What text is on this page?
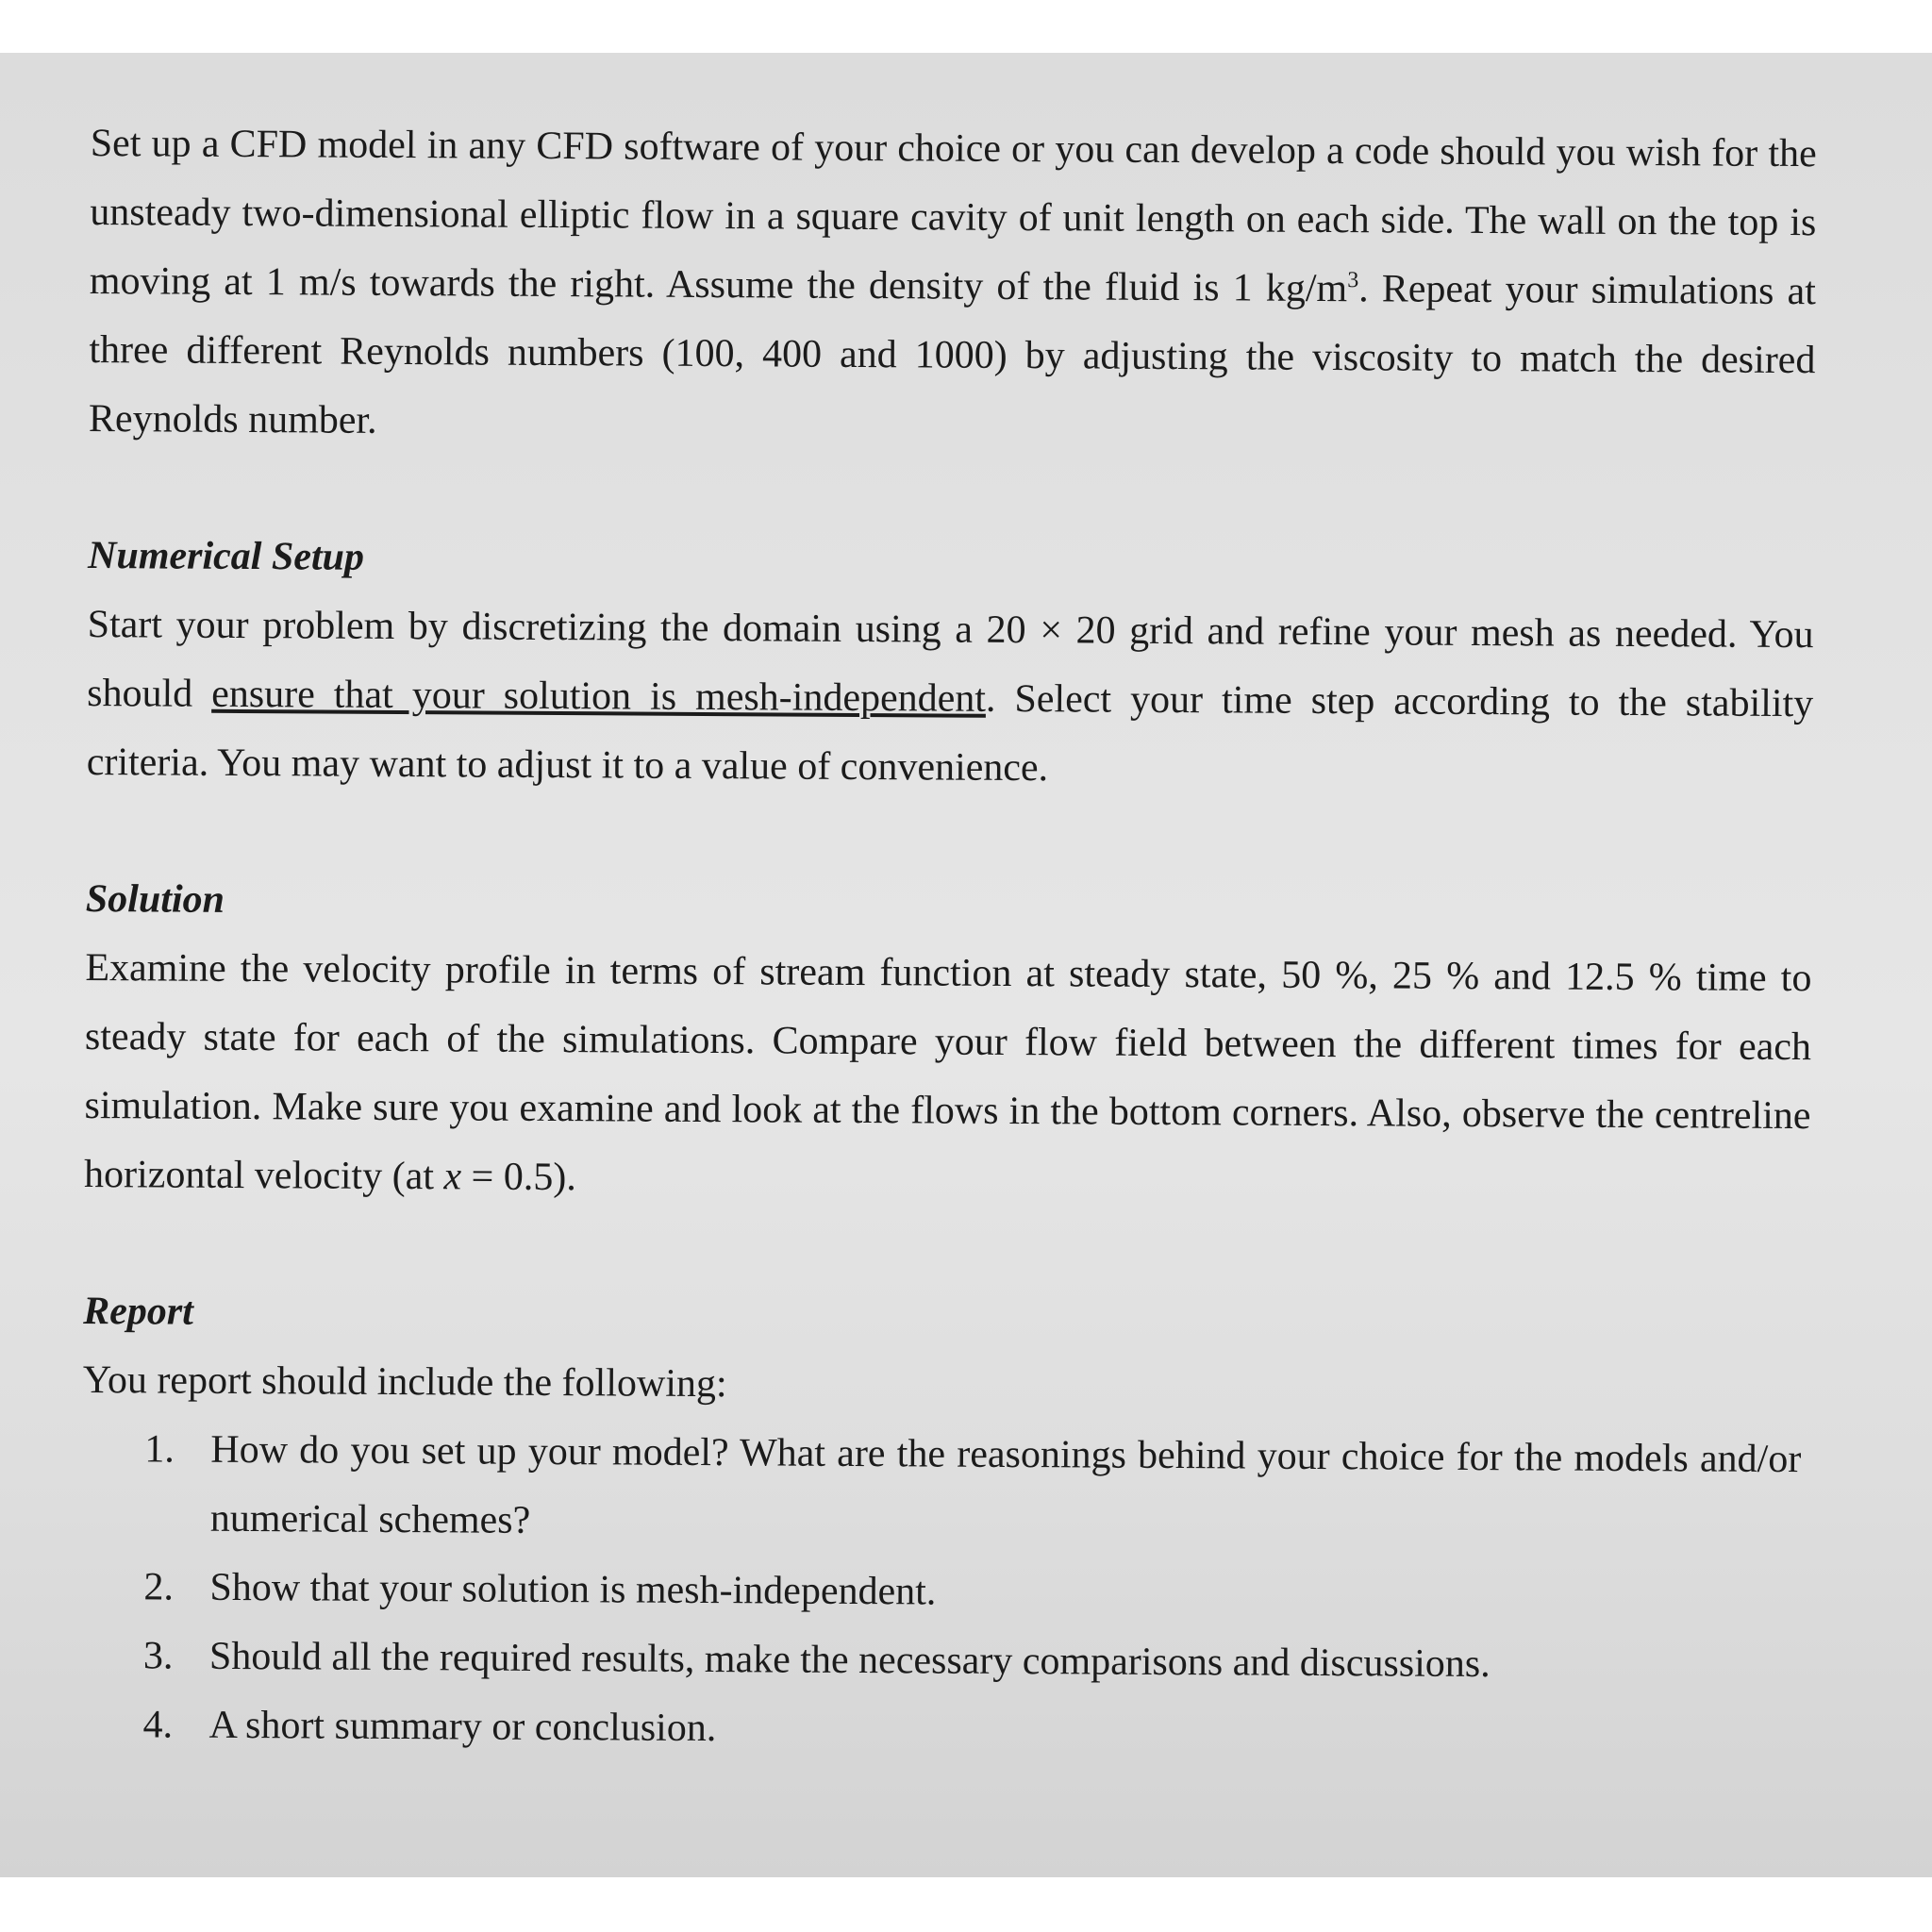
Set up a CFD model in any CFD software of your choice or you can develop a code should you wish for the unsteady two-dimensional elliptic flow in a square cavity of unit length on each side. The wall on the top is moving at 1 m/s towards the right. Assume the density of the fluid is 1 $kg/m^3$. Repeat your simulations at three different Reynolds numbers (100, 400 and 1000) by adjusting the viscosity to match the desired Reynolds number.

Numerical Setup

Start your problem by discretizing the domain using a 20 × 20 grid and refine your mesh as needed. You should ensure that your solution is mesh-independent. Select your time step according to the stability criteria. You may want to adjust it to a value of convenience.

Solution

Examine the velocity profile in terms of stream function at steady state, 50 %, 25 % and 12.5 % time to steady state for each of the simulations. Compare your flow field between the different times for each simulation. Make sure you examine and look at the flows in the bottom corners. Also, observe the centreline horizontal velocity (at x = 0.5).

Report

You report should include the following:

1. How do you set up your model? What are the reasonings behind your choice for the models and/or numerical schemes?
2. Show that your solution is mesh-independent.
3. Should all the required results, make the necessary comparisons and discussions.
4. A short summary or conclusion.
